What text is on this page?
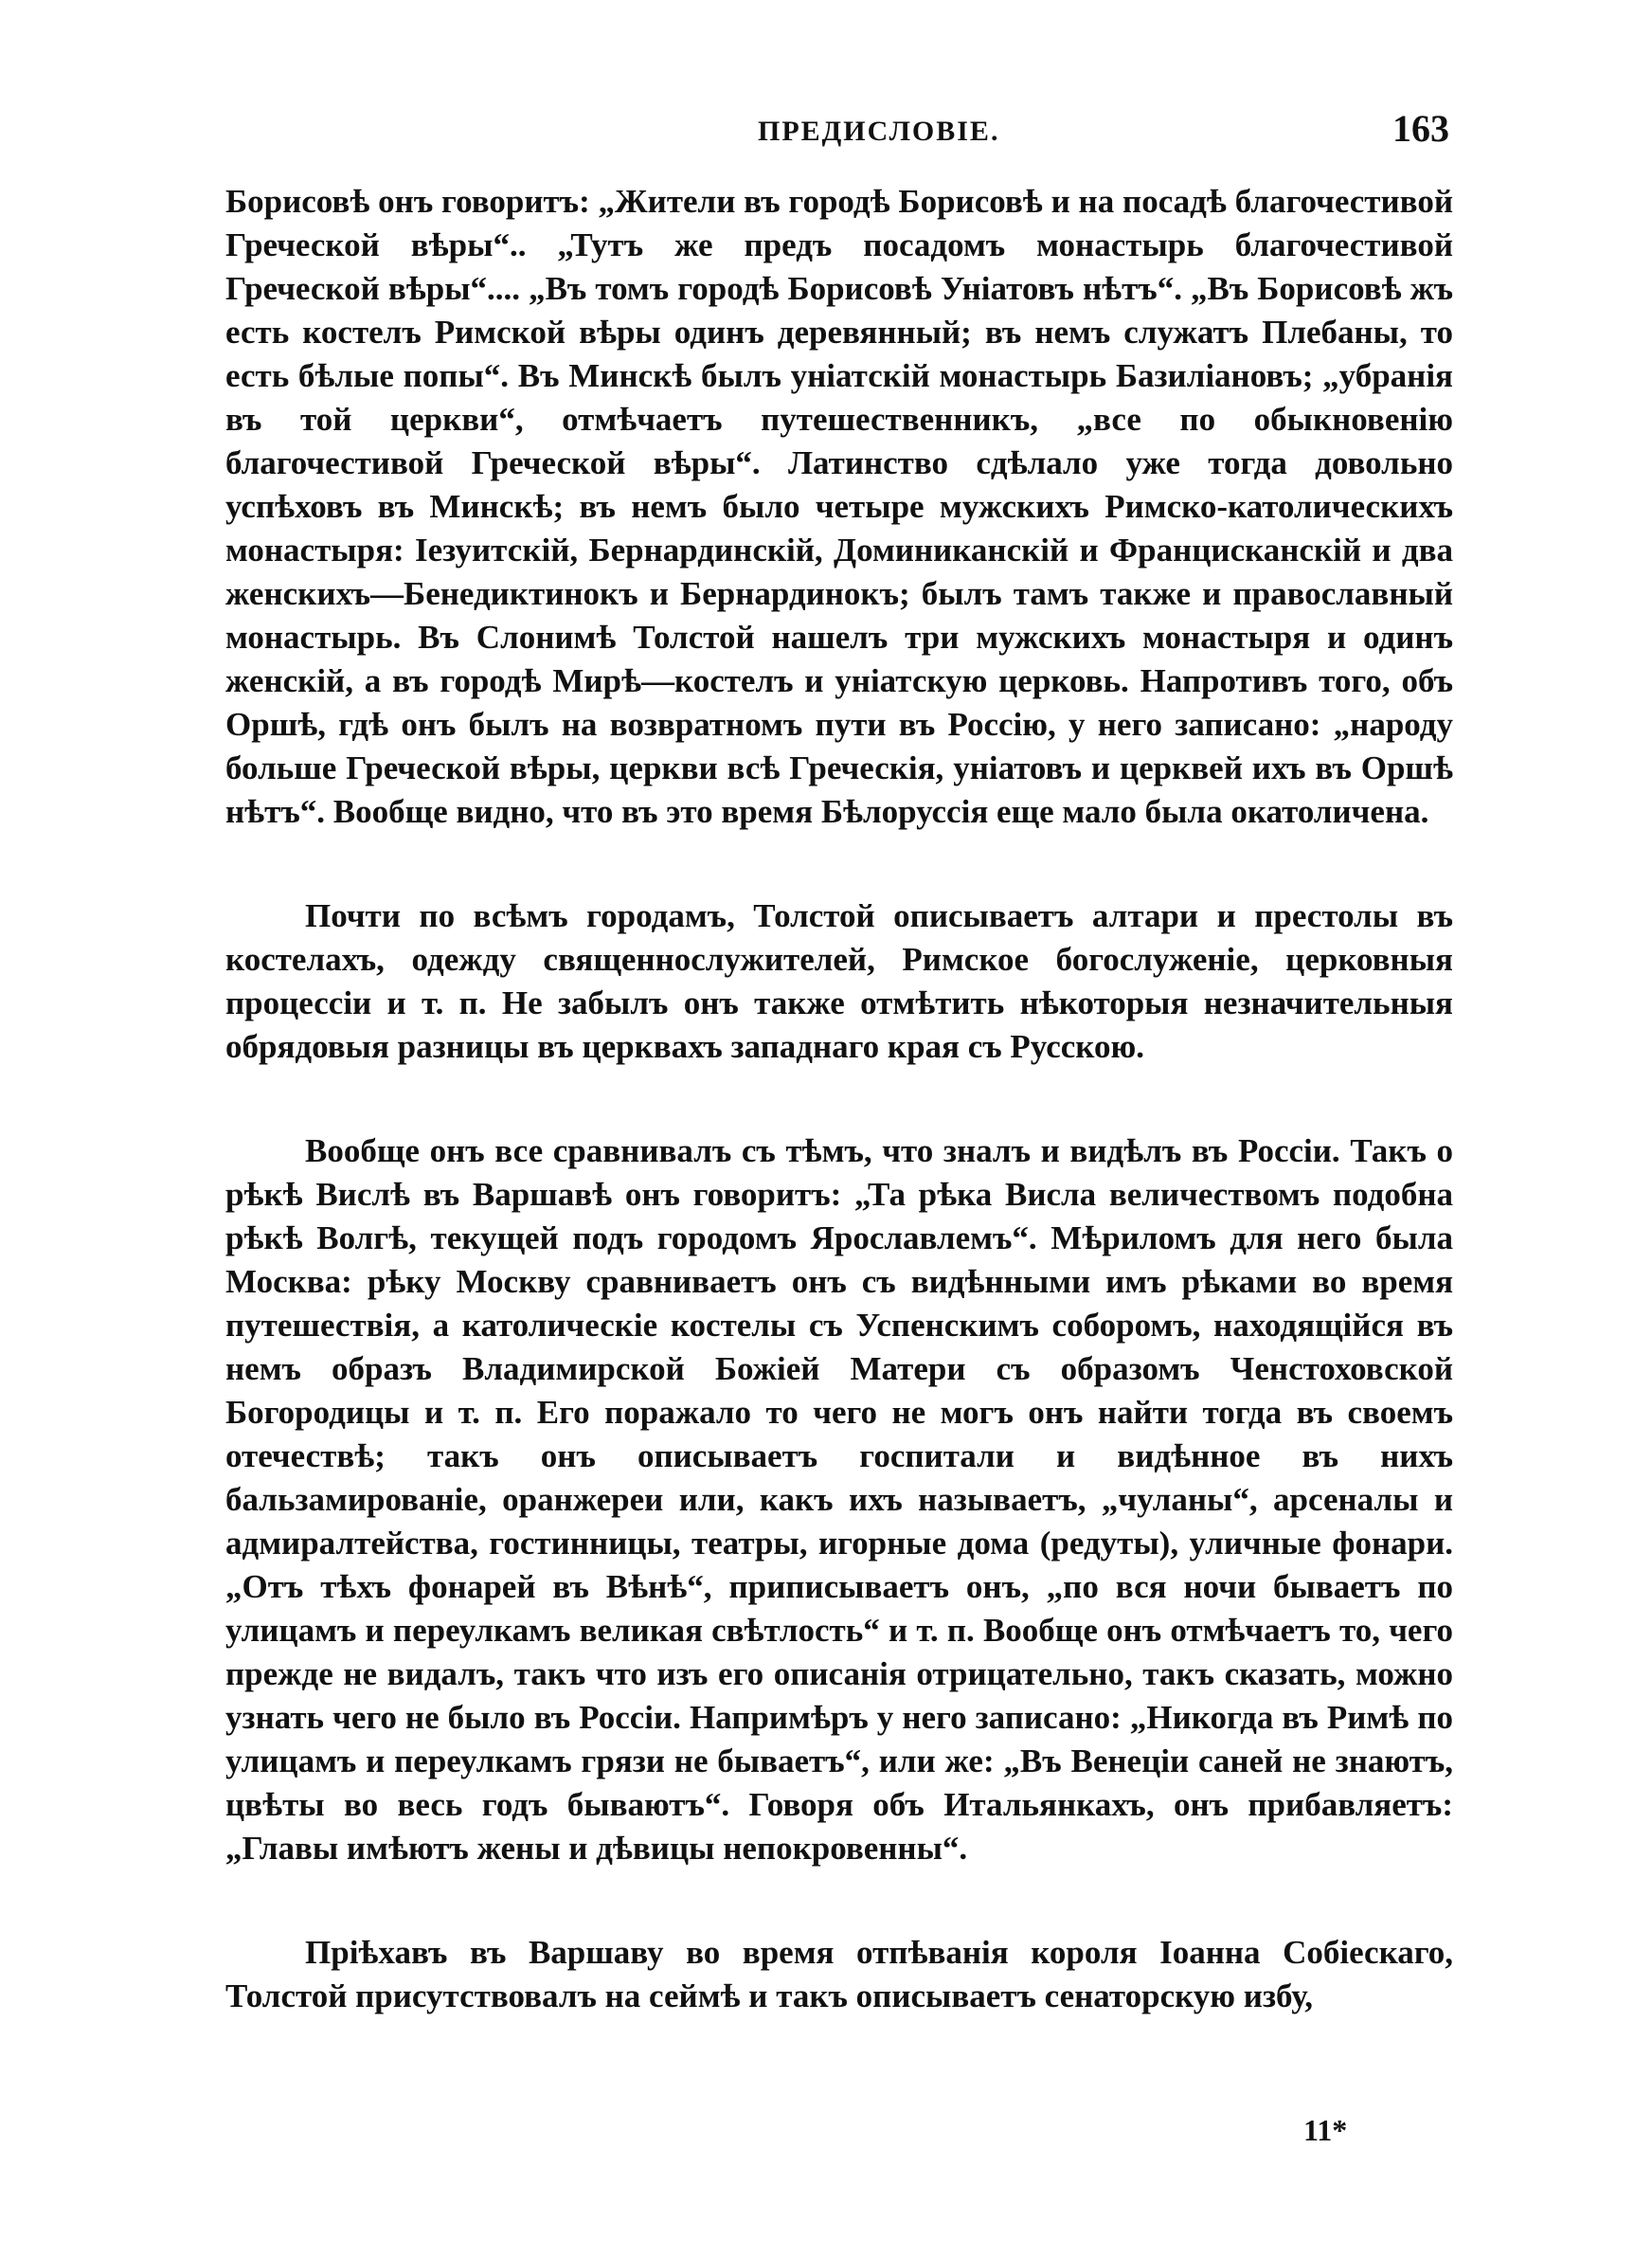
ПРЕДИСЛОВІЕ.	163

Борисовѣ онъ говоритъ: „Жители въ городѣ Борисовѣ и на посадѣ благочестивой Греческой вѣры“.. „Тутъ же предъ посадомъ монастырь благочестивой Греческой вѣры“.... „Въ томъ городѣ Борисовѣ Уніатовъ нѣтъ“. „Въ Борисовѣ жъ есть костелъ Римской вѣры одинъ деревянный; въ немъ служатъ Плебаны, то есть бѣлые попы“. Въ Минскѣ былъ уніатскій монастырь Базиліановъ; „убранія въ той церкви“, отмѣчаетъ путешественникъ, „все по обыкновенію благочестивой Греческой вѣры“. Латинство сдѣлало уже тогда довольно успѣховъ въ Минскѣ; въ немъ было четыре мужскихъ Римско-католическихъ монастыря: Іезуитскій, Бернардинскій, Доминиканскій и Францисканскій и два женскихъ—Бенедиктинокъ и Бернардинокъ; былъ тамъ также и православный монастырь. Въ Слонимѣ Толстой нашелъ три мужскихъ монастыря и одинъ женскій, а въ городѣ Мирѣ—костелъ и уніатскую церковь. Напротивъ того, объ Оршѣ, гдѣ онъ былъ на возвратномъ пути въ Россію, у него записано: „народу больше Греческой вѣры, церкви всѣ Греческія, уніатовъ и церквей ихъ въ Оршѣ нѣтъ“. Вообще видно, что въ это время Бѣлоруссія еще мало была окатоличена.

Почти по всѣмъ городамъ, Толстой описываетъ алтари и престолы въ костелахъ, одежду священнослужителей, Римское богослуженіе, церковныя процессіи и т. п. Не забылъ онъ также отмѣтить нѣкоторыя незначительныя обрядовыя разницы въ церквахъ западнаго края съ Русскою.

Вообще онъ все сравнивалъ съ тѣмъ, что зналъ и видѣлъ въ Россіи. Такъ о рѣкѣ Вислѣ въ Варшавѣ онъ говоритъ: „Та рѣка Висла величествомъ подобна рѣкѣ Волгѣ, текущей подъ городомъ Ярославлемъ“. Мѣриломъ для него была Москва: рѣку Москву сравниваетъ онъ съ видѣнными имъ рѣками во время путешествія, а католическіе костелы съ Успенскимъ соборомъ, находящійся въ немъ образъ Владимирской Божіей Матери съ образомъ Ченстоховской Богородицы и т. п. Его поражало то чего не могъ онъ найти тогда въ своемъ отечествѣ; такъ онъ описываетъ госпитали и видѣнное въ нихъ бальзамированіе, оранжереи или, какъ ихъ называетъ, „чуланы“, арсеналы и адмиралтейства, гостинницы, театры, игорные дома (редуты), уличные фонари. „Отъ тѣхъ фонарей въ Вѣнѣ“, приписываетъ онъ, „по вся ночи бываетъ по улицамъ и переулкамъ великая свѣтлость“ и т. п. Вообще онъ отмѣчаетъ то, чего прежде не видалъ, такъ что изъ его описанія отрицательно, такъ сказать, можно узнать чего не было въ Россіи. Напримѣръ у него записано: „Никогда въ Римѣ по улицамъ и переулкамъ грязи не бываетъ“, или же: „Въ Венеціи саней не знаютъ, цвѣты во весь годъ бываютъ“. Говоря объ Итальянкахъ, онъ прибавляетъ: „Главы имѣютъ жены и дѣвицы непокровенны“.

Пріѣхавъ въ Варшаву во время отпѣванія короля Іоанна Собіескаго, Толстой присутствовалъ на сеймѣ и такъ описываетъ сенаторскую избу,

11*
